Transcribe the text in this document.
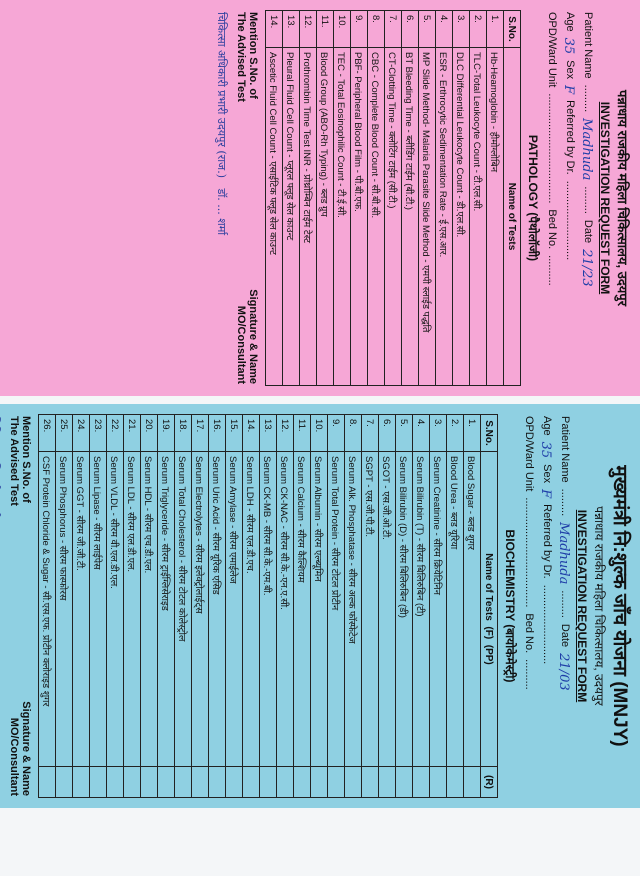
पन्नाधाय राजकीय महिला चिकित्सालय, उदयपुर
INVESTIGATION REQUEST FORM
Patient Name
.........
Madhuda
.........
Date
21/23
Age
35
Sex
F
Referred by Dr.
..........................
OPD/Ward Unit
....................................
Bed No.
..........
PATHOLOGY (पैथोलॉजी)
S.No.	Name of Tests
1.	Hb-Heamoglobin - हीमोग्लोबिन
2.	TLC-Total Leukocyte Count - टी.एल.सी.
3.	DLC Differential Leukocyte Count - डी.एल.सी.
4.	ESR - Erthrocytic Sedimentation Rate - ई.एस.आर.
5.	MP Slide Method- Malaria Parasite Slide Method - एमपी स्लाईड पद्धति
6.	BT Bleeding Time - ब्लीडिंग टाईम (बी.टी.)
7.	CT-Clotting Time - क्लोटिंग टाईम (सी.टी.)
8.	CBC - Complete Blood Count - सी.बी.सी.
9.	PBF- Peripheral Blood Film - पी.बी.एफ.
10.	TEC - Total Eosinophilic Count - टी.ई.सी.
11.	Blood Group (ABO-Rh Typing) - ब्लड ग्रुप
12.	Prothrombin Time Test INR - प्रोथ्रोम्बिन टाईम टेस्ट
13.	Pleural Fluid Cell Count - प्लूरल फ्लूड सेल काउन्ट
14.	Ascetic Fluid Cell Count - एसाईटिक फ्लूड सेल काउन्ट
Mention S.No. of
The Advised Test
Signature & Name
MO/Consultant
चिकित्सा अधिकारी प्रभारी उदयपुर (राज.)   डॉ. ... शर्मा
मुख्यमंत्री नि:शुल्क जाँच योजना (MNJY)
पन्नाधाय राजकीय महिला चिकित्सालय, उदयपुर
INVESTIGATION REQUEST FORM
Patient Name
.........
Madhuda
.........
Date
21/03
Age
35
Sex
F
Referred by Dr.
..........................
OPD/Ward Unit
....................................
Bed No.
..........
BIOCHEMISTRY (बायोकेमेस्ट्री)
S.No.	Name of Tests  (F)  (PP)	(R)
1.	Blood Sugar - ब्लड शुगर	
2.	Blood Urea - ब्लड यूरिया	
3.	Serum Creatinine - सीरम क्रियेटिनिन	
4.	Serum Bilirubin (T) - सीरम बिलिरुबिन (टी)	
5.	Serum Bilirubin (D) - सीरम बिलिरुबिन (डी)	
6.	SGOT - एस.जी.ओ.टी.	
7.	SGPT - एस.जी.पी.टी.	
8.	Serum Alk. Phosphatase - सीरम अल्क फॉस्फेटेज	
9.	Serum Total Protein - सीरम टोटल प्रोटीन	
10.	Serum Albumin - सीरम एल्ब्यूमिन	
11.	Serum Calcium - सीरम कैल्शियम	
12.	Serum CK-NAC - सीरम सी.के.-एन.ए.सी.	
13.	Serum CK-MB - सीरम सी.के.-एम.बी.	
14.	Serum LDH - सीरम एल.डी.एच.	
15.	Serum Amylase - सीरम एमाईलेज	
16.	Serum Uric Acid - सीरम यूरिक एसिड	
17.	Serum Electrolytes - सीरम इलेक्ट्रोलाईट्स	
18.	Serum Total Cholesterol - सीरम टोटल कोलेस्ट्रोल	
19.	Serum Triglyceride - सीरम ट्राईग्लिसेराइड	
20.	Serum HDL - सीरम एच.डी.एल.	
21.	Serum LDL - सीरम एल.डी.एल.	
22.	Serum VLDL - सीरम वी.एल.डी.एल.	
23.	Serum Lipase - सीरम लाईपेस	
24.	Serum GGT - सीरम जी.जी.टी.	
25.	Serum Phosphorus - सीरम फास्फोरस	
26.	CSF Protein Chloride & Sugar - सी.एस.एफ. प्रोटीन क्लोराइड शुगर	
Mention S.No. of
The Advised Test
Signature & Name
MO/Consultant
